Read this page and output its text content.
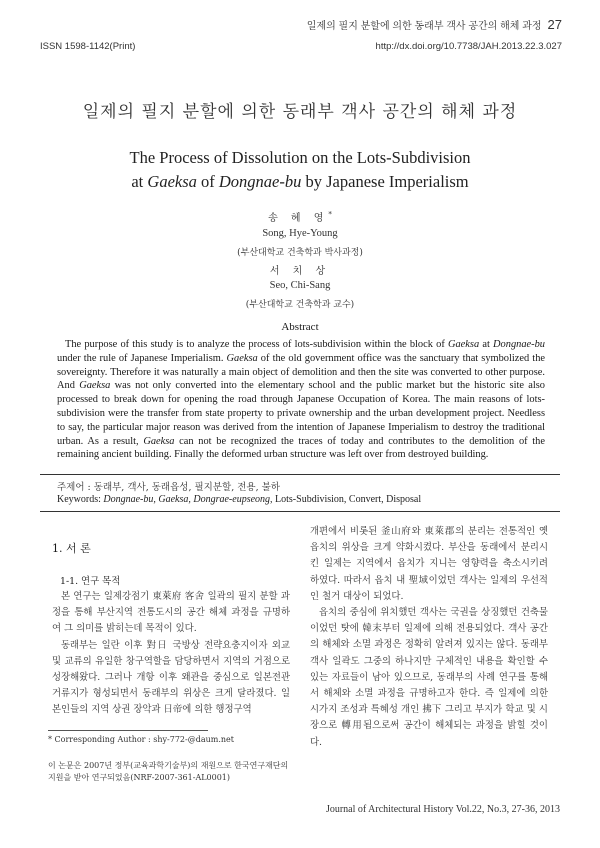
일제의 필지 분할에 의한 동래부 객사 공간의 해체 과정 27
ISSN 1598-1142(Print)	http://dx.doi.org/10.7738/JAH.2013.22.3.027
일제의 필지 분할에 의한 동래부 객사 공간의 해체 과정
The Process of Dissolution on the Lots-Subdivision
at Gaeksa of Dongnae-bu by Japanese Imperialism
송 혜 영*
Song, Hye-Young
(부산대학교 건축학과 박사과정)
서 치 상
Seo, Chi-Sang
(부산대학교 건축학과 교수)
Abstract
The purpose of this study is to analyze the process of lots-subdivision within the block of Gaeksa at Dongnae-bu under the rule of Japanese Imperialism. Gaeksa of the old government office was the sanctuary that symbolized the sovereignty. Therefore it was naturally a main object of demolition and then the site was converted to other purpose. And Gaeksa was not only converted into the elementary school and the public market but the historic site also processed to break down for opening the road through Japanese Occupation of Korea. The main reasons of lots-subdivision were the transfer from state property to private ownership and the urban development project. Needless to say, the particular major reason was derived from the intention of Japanese Imperialism to destroy the traditional urban. As a result, Gaeksa can not be recognized the traces of today and contributes to the demolition of the remaining ancient building. Finally the deformed urban structure was left over from destroyed building.
주제어 : 동래부, 객사, 동래읍성, 필지분할, 전용, 불하
Keywords: Dongnae-bu, Gaeksa, Dongrae-eupseong, Lots-Subdivision, Convert, Disposal
1. 서 론
1-1. 연구 목적

본 연구는 일제강점기 東萊府 客舍 일곽의 필지 분할 과정을 통해 부산지역 전통도시의 공간 해체 과정을 규명하여 그 의미를 밝히는데 목적이 있다.

동래부는 일란 이후 對日 국방상 전략요충지이자 외교 및 교류의 유일한 창구역할을 담당하면서 지역의 거점으로 성장해왔다. 그러나 개항 이후 왜관을 중심으로 일본전관거류지가 형성되면서 동래부의 위상은 크게 달라졌다. 일본인들의 지역 상권 장악과 日帝에 의한 행정구역

개편에서 비롯된 釜山府와 東萊郡의 분리는 전통적인 옛 읍치의 위상을 크게 약화시켰다. 부산을 동래에서 분리시킨 일제는 지역에서 읍치가 지니는 영향력을 축소시키려 하였다. 따라서 읍치 내 聖域이었던 객사는 일제의 우선적인 철거 대상이 되었다.

읍치의 중심에 위치했던 객사는 국권을 상징했던 건축물이었던 탓에 韓末부터 일제에 의해 전용되었다. 객사 공간의 해체와 소멸 과정은 정확히 알려져 있지는 않다. 동래부 객사 일곽도 그중의 하나지만 구체적인 내용을 확인할 수 있는 자료들이 남아 있으므로, 동래부의 사례 연구를 통해서 해체와 소멸 과정을 규명하고자 한다. 즉 일제에 의한 시가지 조성과 특혜성 개인 拂下 그리고 부지가 학교 및 시장으로 轉用됨으로써 공간이 해체되는 과정을 밝힐 것이다.

* Corresponding Author : shy-772-@daum.net
이 논문은 2007년 정부(교육과학기술부)의 재원으로 한국연구재단의 지원을 받아 연구되었음(NRF-2007-361-AL0001)
Journal of Architectural History Vol.22, No.3, 27-36, 2013
